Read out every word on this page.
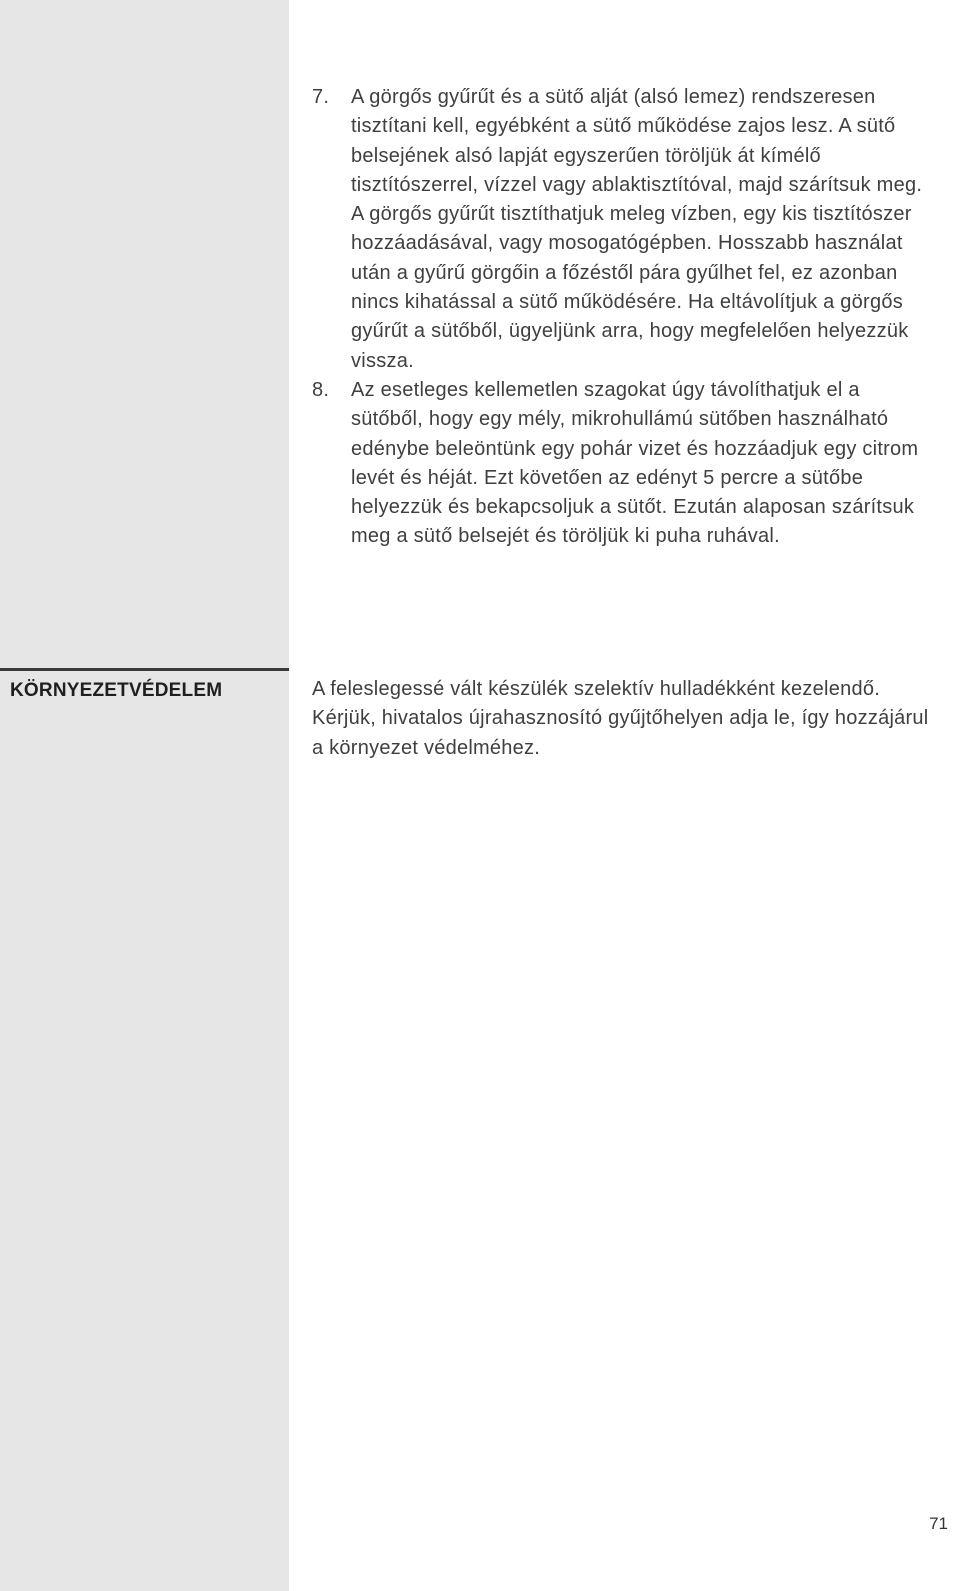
KÖRNYEZETVÉDELEM
7. A görgős gyűrűt és a sütő alját (alsó lemez) rendszeresen tisztítani kell, egyébként a sütő működése zajos lesz. A sütő belsejének alsó lapját egyszerűen töröljük át kímélő tisztítószerrel, vízzel vagy ablaktisztítóval, majd szárítsuk meg. A görgős gyűrűt tisztíthatjuk meleg vízben, egy kis tisztítószer hozzáadásával, vagy mosogatógépben. Hosszabb használat után a gyűrű görgőin a főzéstől pára gyűlhet fel, ez azonban nincs kihatással a sütő működésére. Ha eltávolítjuk a görgős gyűrűt a sütőből, ügyeljünk arra, hogy megfelelően helyezzük vissza.
8. Az esetleges kellemetlen szagokat úgy távolíthatjuk el a sütőből, hogy egy mély, mikrohullámú sütőben használható edénybe beleöntünk egy pohár vizet és hozzáadjuk egy citrom levét és héját. Ezt követően az edényt 5 percre a sütőbe helyezzük és bekapcsoljuk a sütőt. Ezután alaposan szárítsuk meg a sütő belsejét és töröljük ki puha ruhával.

A feleslegessé vált készülék szelektív hulladékként kezelendő. Kérjük, hivatalos újrahasznosító gyűjtőhelyen adja le, így hozzájárul a környezet védelméhez.

71
